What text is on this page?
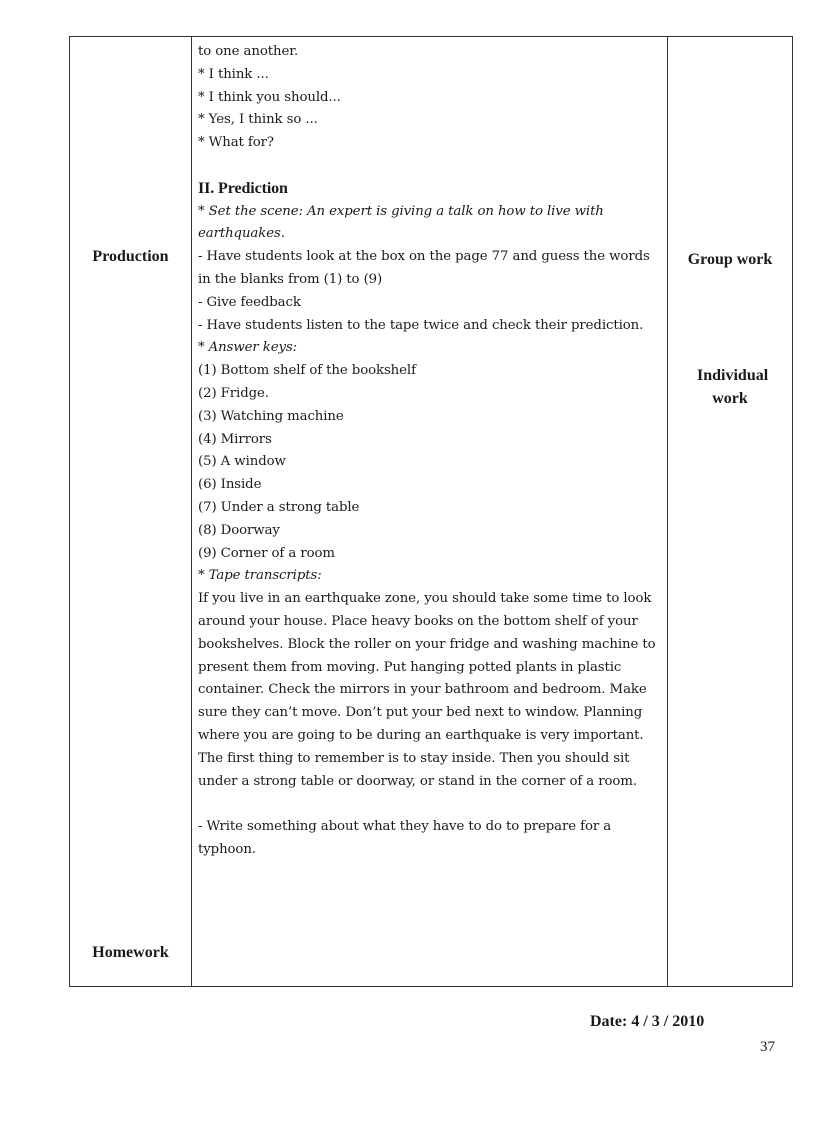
Production
Homework
Group work
Individual work
to one another.
* I think ...
* I think you should...
* Yes, I think so ...
* What for?
II. Prediction
* Set the scene: An expert is giving a talk on how to live with earthquakes.
- Have students look at the box on the page 77 and guess the words in the blanks from (1) to (9)
- Give feedback
- Have students listen to the tape twice and check their prediction.
* Answer keys:
(1) Bottom shelf of the bookshelf
(2) Fridge.
(3) Watching machine
(4) Mirrors
(5) A window
(6) Inside
(7) Under a strong table
(8) Doorway
(9) Corner of a room
* Tape transcripts:
If you live in an earthquake zone, you should take some time to look around your house. Place heavy books on the bottom shelf of your bookshelves. Block the roller on your fridge and washing machine to present them from moving. Put hanging potted plants in plastic container. Check the mirrors in your bathroom and bedroom. Make sure they can’t move. Don’t put your bed next to window. Planning where you are going to be during an earthquake is very important. The first thing to remember is to stay inside. Then you should sit under a strong table or doorway, or stand in the corner of a room.
- Write something about what they have to do to prepare for a typhoon.
Date: 4 / 3 / 2010
37
